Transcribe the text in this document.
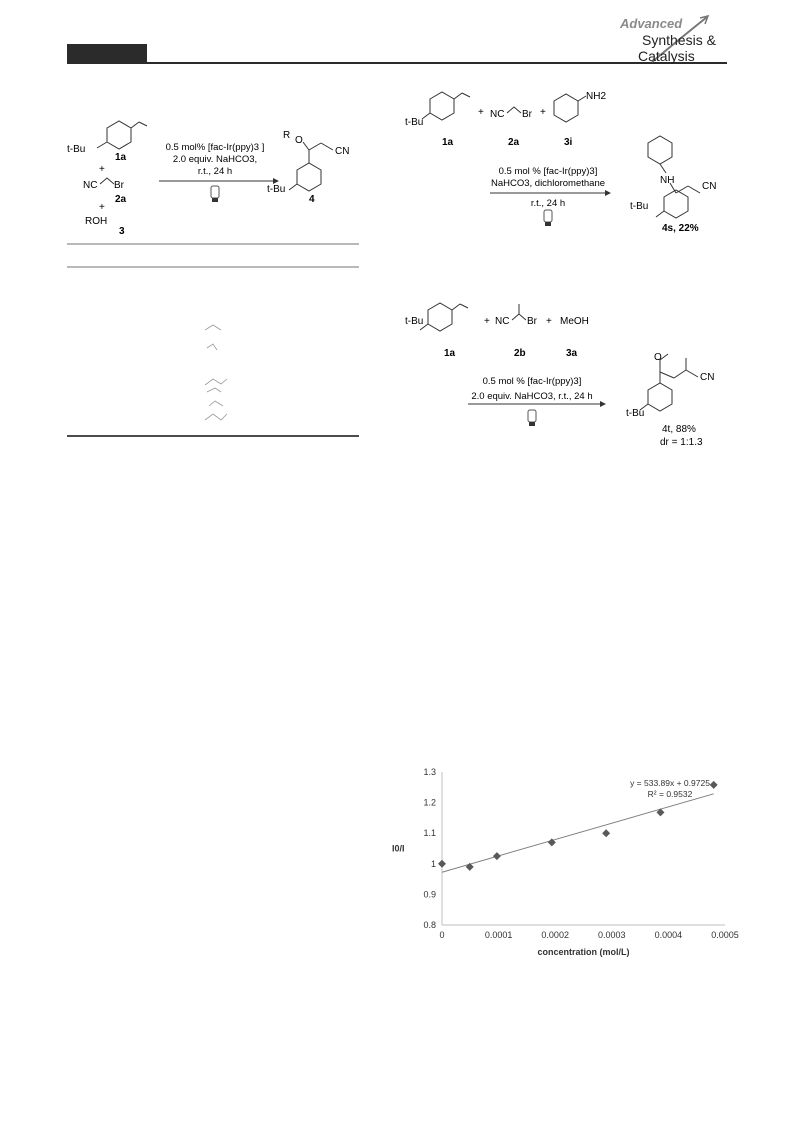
Advanced
Synthesis &
Catalysis
t-Bu
1a
+
NC Br
2a
+
ROH
3
0.5 mol% [fac-Ir(ppy)3 ]
2.0 equiv. NaHCO3,
r.t., 24 h
R O
CN
t-Bu
4
t-Bu
+ NC Br +
NH2
1a	2a	3i
0.5 mol % [fac-Ir(ppy)3]
NaHCO3, dichloromethane
r.t., 24 h
NH
CN
t-Bu
4s, 22%
t-Bu	+ NC Br + MeOH
1a	2b	3a
0.5 mol % [fac-Ir(ppy)3]
2.0 equiv. NaHCO3, r.t., 24 h
O
CN
t-Bu
4t, 88%
dr = 1:1.3
0.8
0.9
1
1.1
1.2
1.3
0	0.0001	0.0002	0.0003	0.0004	0.0005
concentration (mol/L)
I0/I
y = 533.89x + 0.9725
R² = 0.9532
